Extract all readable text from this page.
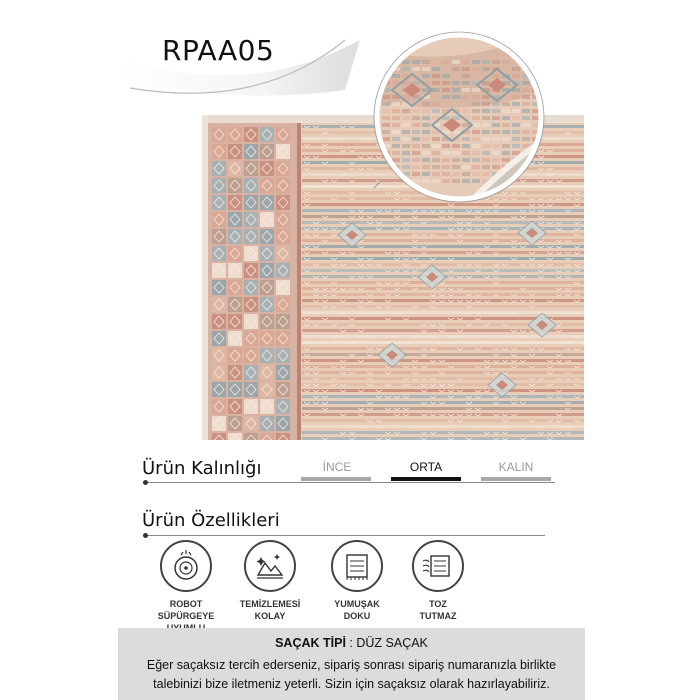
RPAA05
Ürün Kalınlığı	İNCE	ORTA	KALIN
Ürün Özellikleri
ROBOT
SÜPÜRGEYE

TEMİZLEMESİ
KOLAY
YUMUŞAK
DOKU
TOZ
TUTMAZ
SAÇAK TİPİ : DÜZ SAÇAK
Eğer saçaksız tercih ederseniz, sipariş sonrası sipariş numaranızla birlikte talebinizi bize iletmeniz yeterli. Sizin için saçaksız olarak hazırlayabiliriz.
